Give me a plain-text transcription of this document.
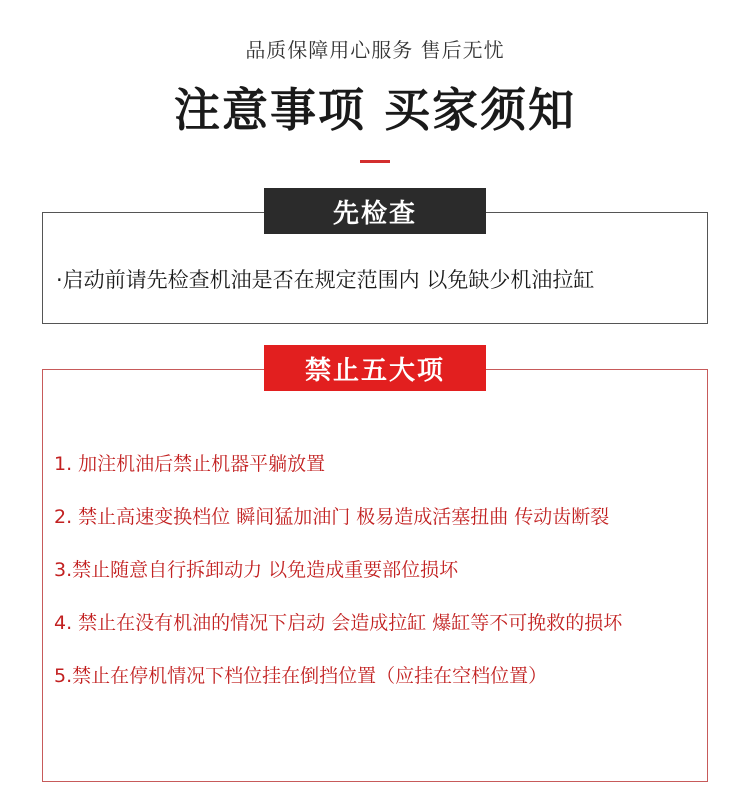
品质保障用心服务 售后无忧
注意事项 买家须知
先检查
·启动前请先检查机油是否在规定范围内 以免缺少机油拉缸
禁止五大项
1. 加注机油后禁止机器平躺放置
2. 禁止高速变换档位 瞬间猛加油门 极易造成活塞扭曲 传动齿断裂
3.禁止随意自行拆卸动力 以免造成重要部位损坏
4. 禁止在没有机油的情况下启动 会造成拉缸 爆缸等不可挽救的损坏
5.禁止在停机情况下档位挂在倒挡位置（应挂在空档位置）
